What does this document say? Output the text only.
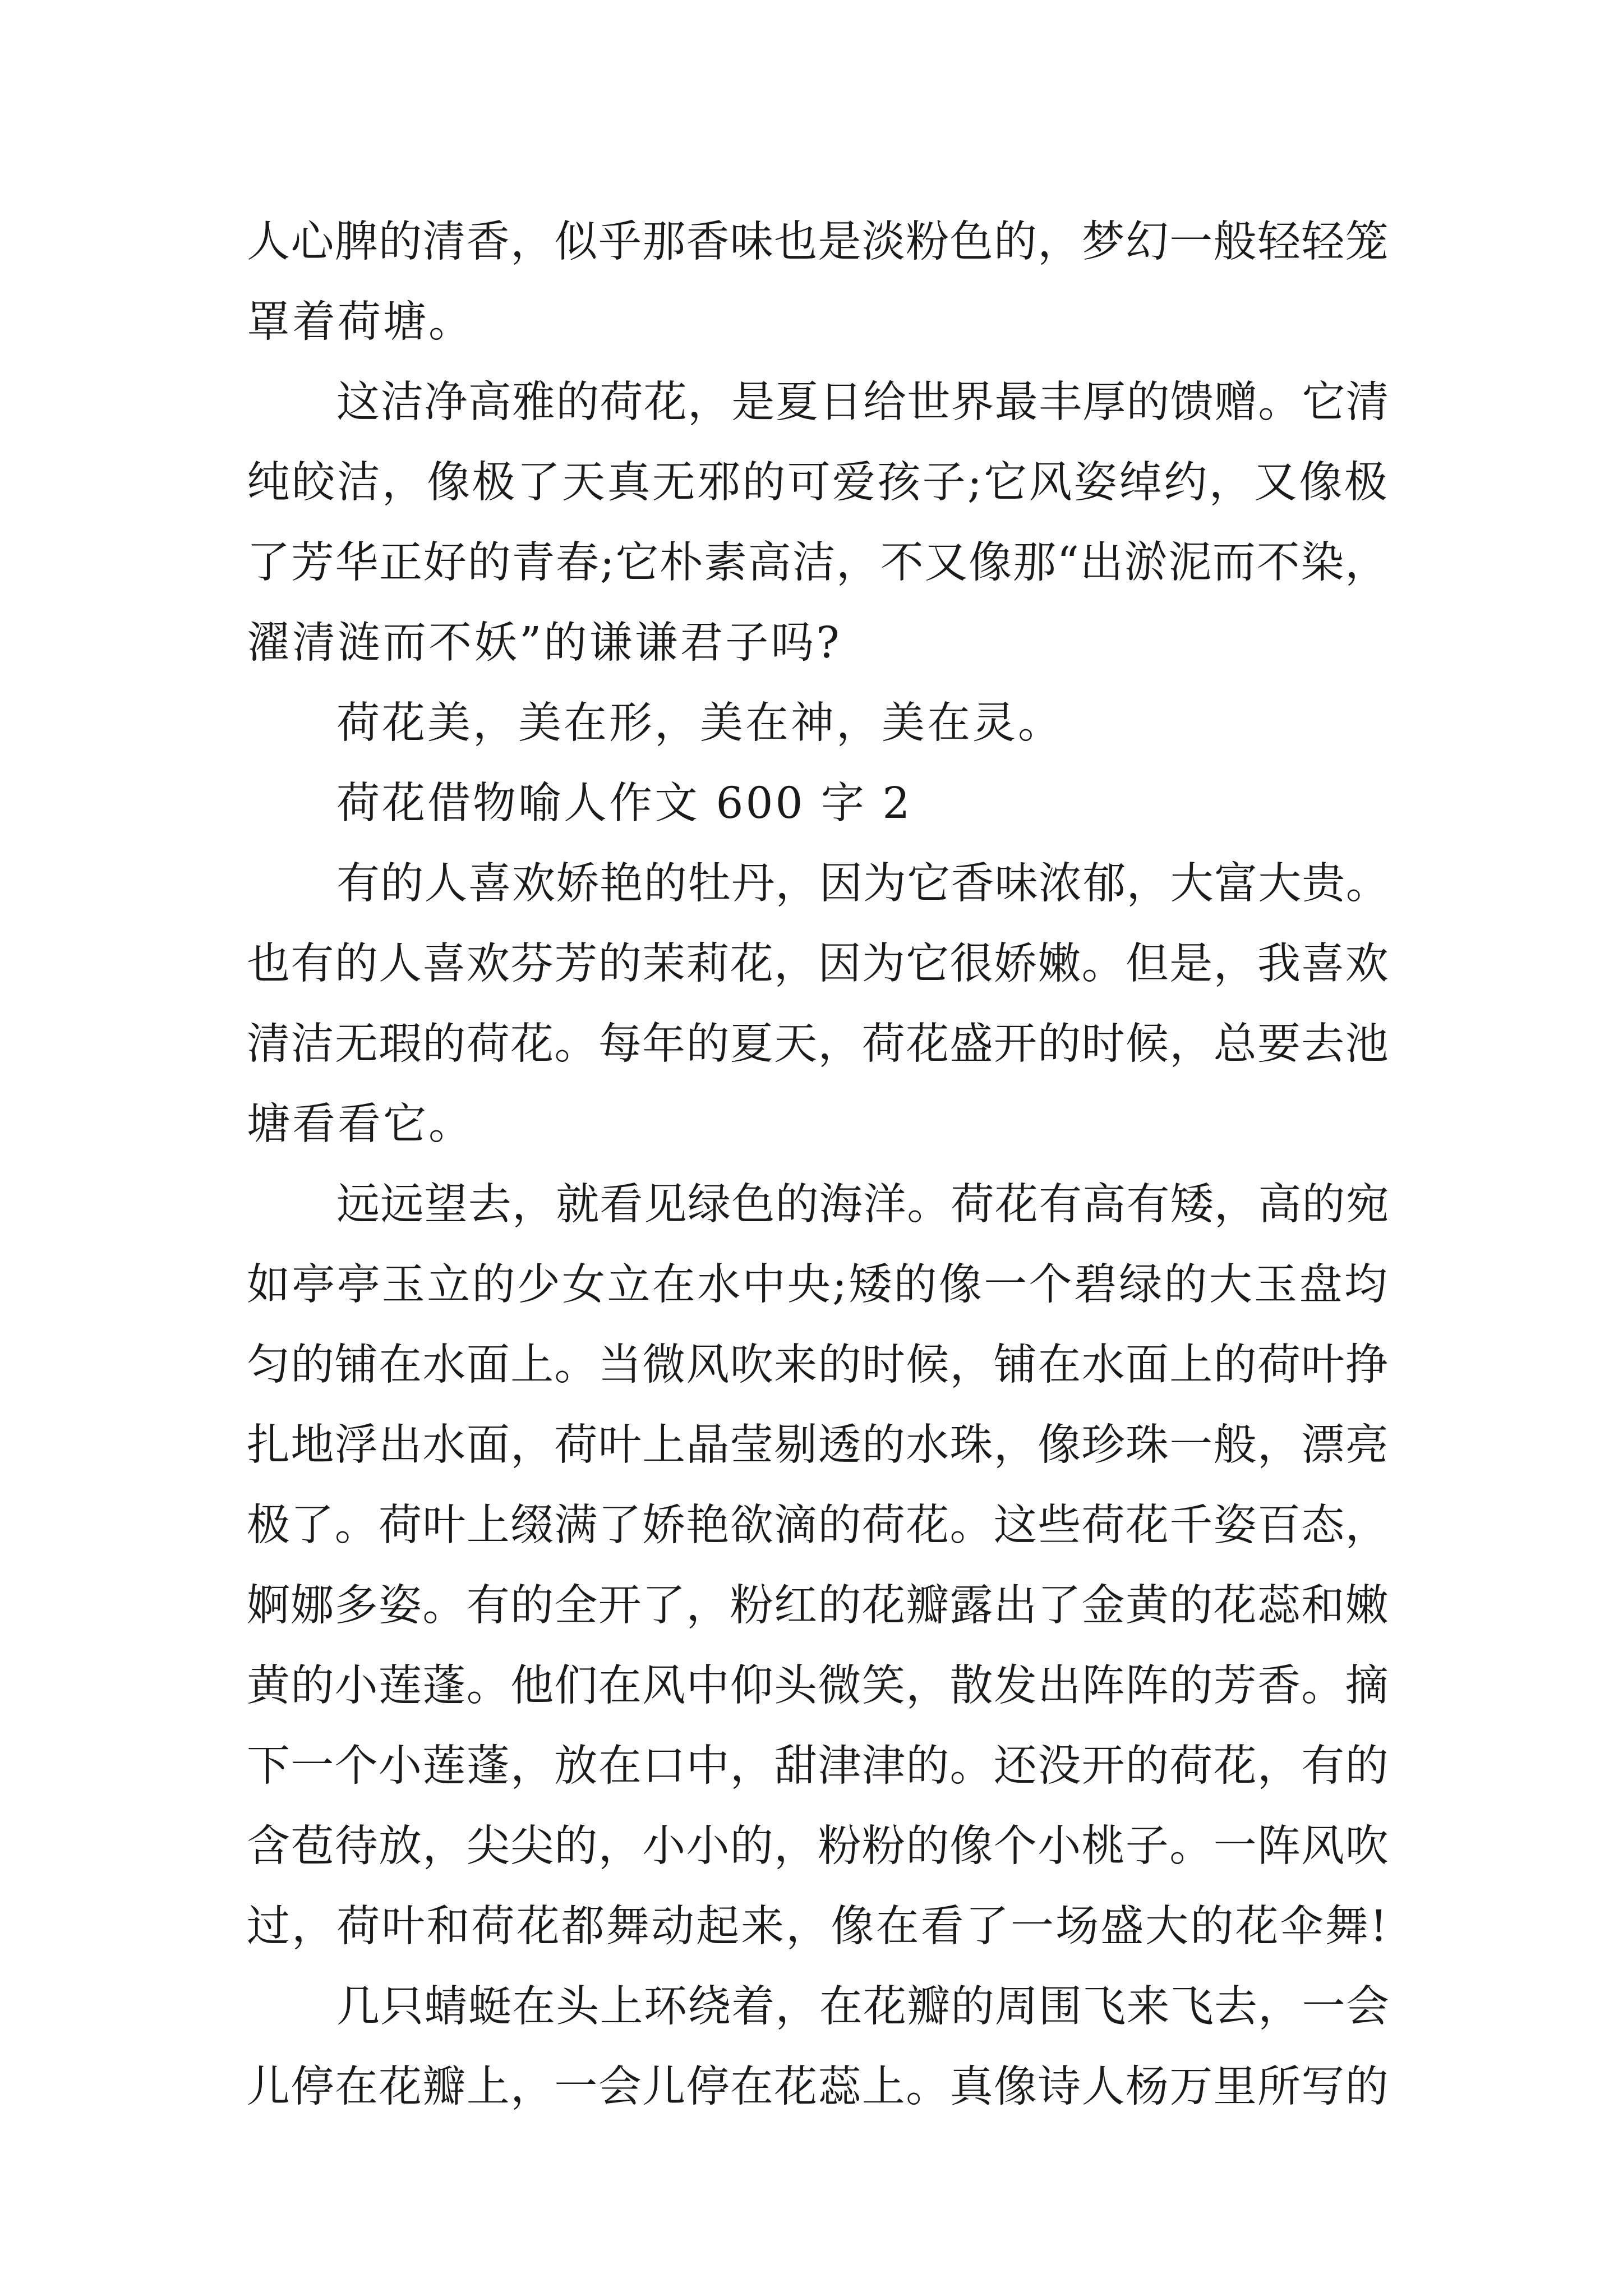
人心脾的清香，似乎那香味也是淡粉色的，梦幻一般轻轻笼
罩着荷塘。
这洁净高雅的荷花，是夏日给世界最丰厚的馈赠。它清
纯皎洁，像极了天真无邪的可爱孩子;它风姿绰约，又像极
了芳华正好的青春;它朴素高洁，不又像那“出淤泥而不染，
濯清涟而不妖”的谦谦君子吗?
荷花美，美在形，美在神，美在灵。
荷花借物喻人作文 600 字 2
有的人喜欢娇艳的牡丹，因为它香味浓郁，大富大贵。
也有的人喜欢芬芳的茉莉花，因为它很娇嫩。但是，我喜欢
清洁无瑕的荷花。每年的夏天，荷花盛开的时候，总要去池
塘看看它。
远远望去，就看见绿色的海洋。荷花有高有矮，高的宛
如亭亭玉立的少女立在水中央;矮的像一个碧绿的大玉盘均
匀的铺在水面上。当微风吹来的时候，铺在水面上的荷叶挣
扎地浮出水面，荷叶上晶莹剔透的水珠，像珍珠一般，漂亮
极了。荷叶上缀满了娇艳欲滴的荷花。这些荷花千姿百态，
婀娜多姿。有的全开了，粉红的花瓣露出了金黄的花蕊和嫩
黄的小莲蓬。他们在风中仰头微笑，散发出阵阵的芳香。摘
下一个小莲蓬，放在口中，甜津津的。还没开的荷花，有的
含苞待放，尖尖的，小小的，粉粉的像个小桃子。一阵风吹
过，荷叶和荷花都舞动起来，像在看了一场盛大的花伞舞!
几只蜻蜓在头上环绕着，在花瓣的周围飞来飞去，一会
儿停在花瓣上，一会儿停在花蕊上。真像诗人杨万里所写的
